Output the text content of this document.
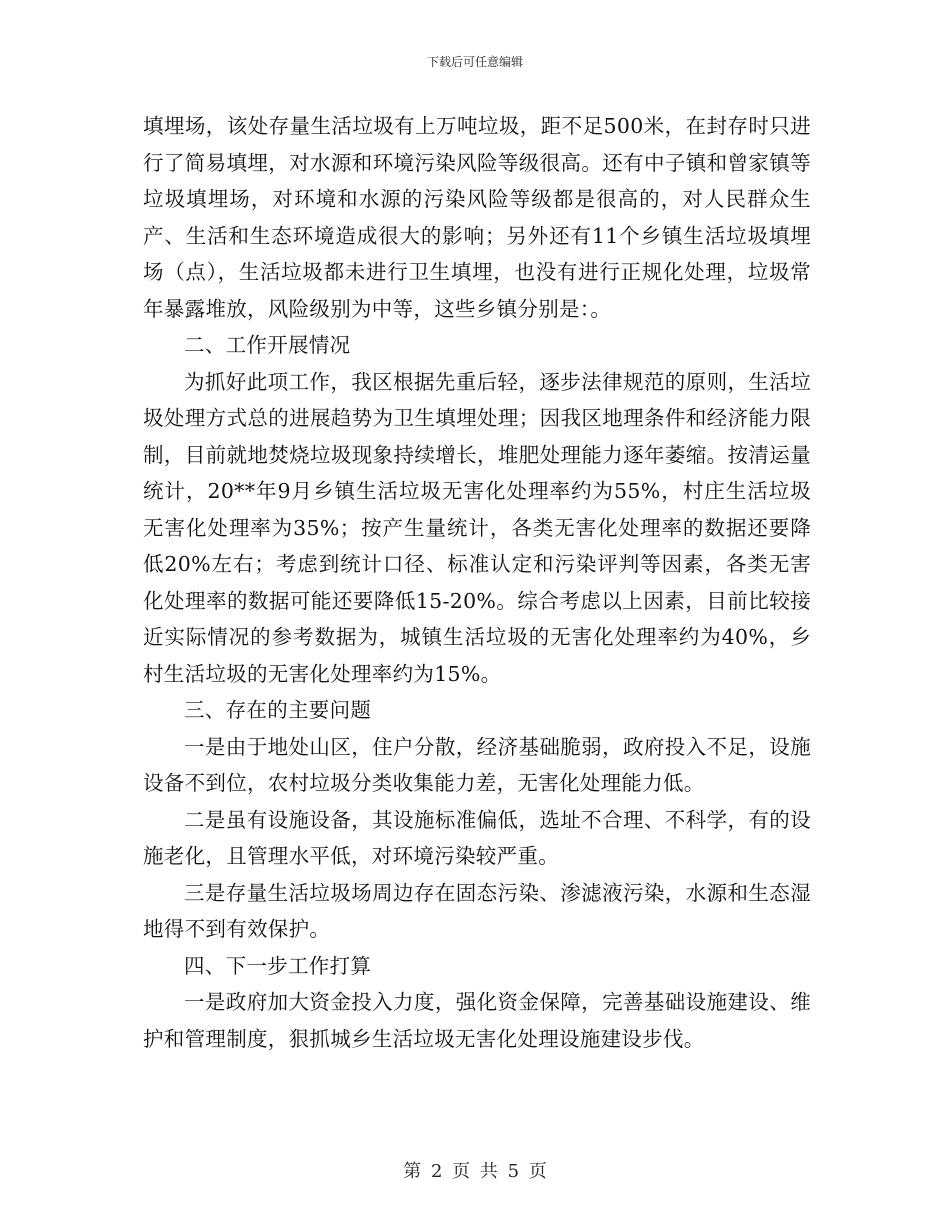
下载后可任意编辑

填埋场，该处存量生活垃圾有上万吨垃圾，距不足500米，在封存时只进行了简易填埋，对水源和环境污染风险等级很高。还有中子镇和曾家镇等垃圾填埋场，对环境和水源的污染风险等级都是很高的，对人民群众生产、生活和生态环境造成很大的影响；另外还有11个乡镇生活垃圾填埋场（点），生活垃圾都未进行卫生填埋，也没有进行正规化处理，垃圾常年暴露堆放，风险级别为中等，这些乡镇分别是：。

二、工作开展情况

为抓好此项工作，我区根据先重后轻，逐步法律规范的原则，生活垃圾处理方式总的进展趋势为卫生填埋处理；因我区地理条件和经济能力限制，目前就地焚烧垃圾现象持续增长，堆肥处理能力逐年萎缩。按清运量统计，20**年9月乡镇生活垃圾无害化处理率约为55%，村庄生活垃圾无害化处理率为35%；按产生量统计，各类无害化处理率的数据还要降低20%左右；考虑到统计口径、标准认定和污染评判等因素，各类无害化处理率的数据可能还要降低15-20%。综合考虑以上因素，目前比较接近实际情况的参考数据为，城镇生活垃圾的无害化处理率约为40%，乡村生活垃圾的无害化处理率约为15%。

三、存在的主要问题

一是由于地处山区，住户分散，经济基础脆弱，政府投入不足，设施设备不到位，农村垃圾分类收集能力差，无害化处理能力低。

二是虽有设施设备，其设施标准偏低，选址不合理、不科学，有的设施老化，且管理水平低，对环境污染较严重。

三是存量生活垃圾场周边存在固态污染、渗滤液污染，水源和生态湿地得不到有效保护。

四、下一步工作打算

一是政府加大资金投入力度，强化资金保障，完善基础设施建设、维护和管理制度，狠抓城乡生活垃圾无害化处理设施建设步伐。

第 2 页 共 5 页
